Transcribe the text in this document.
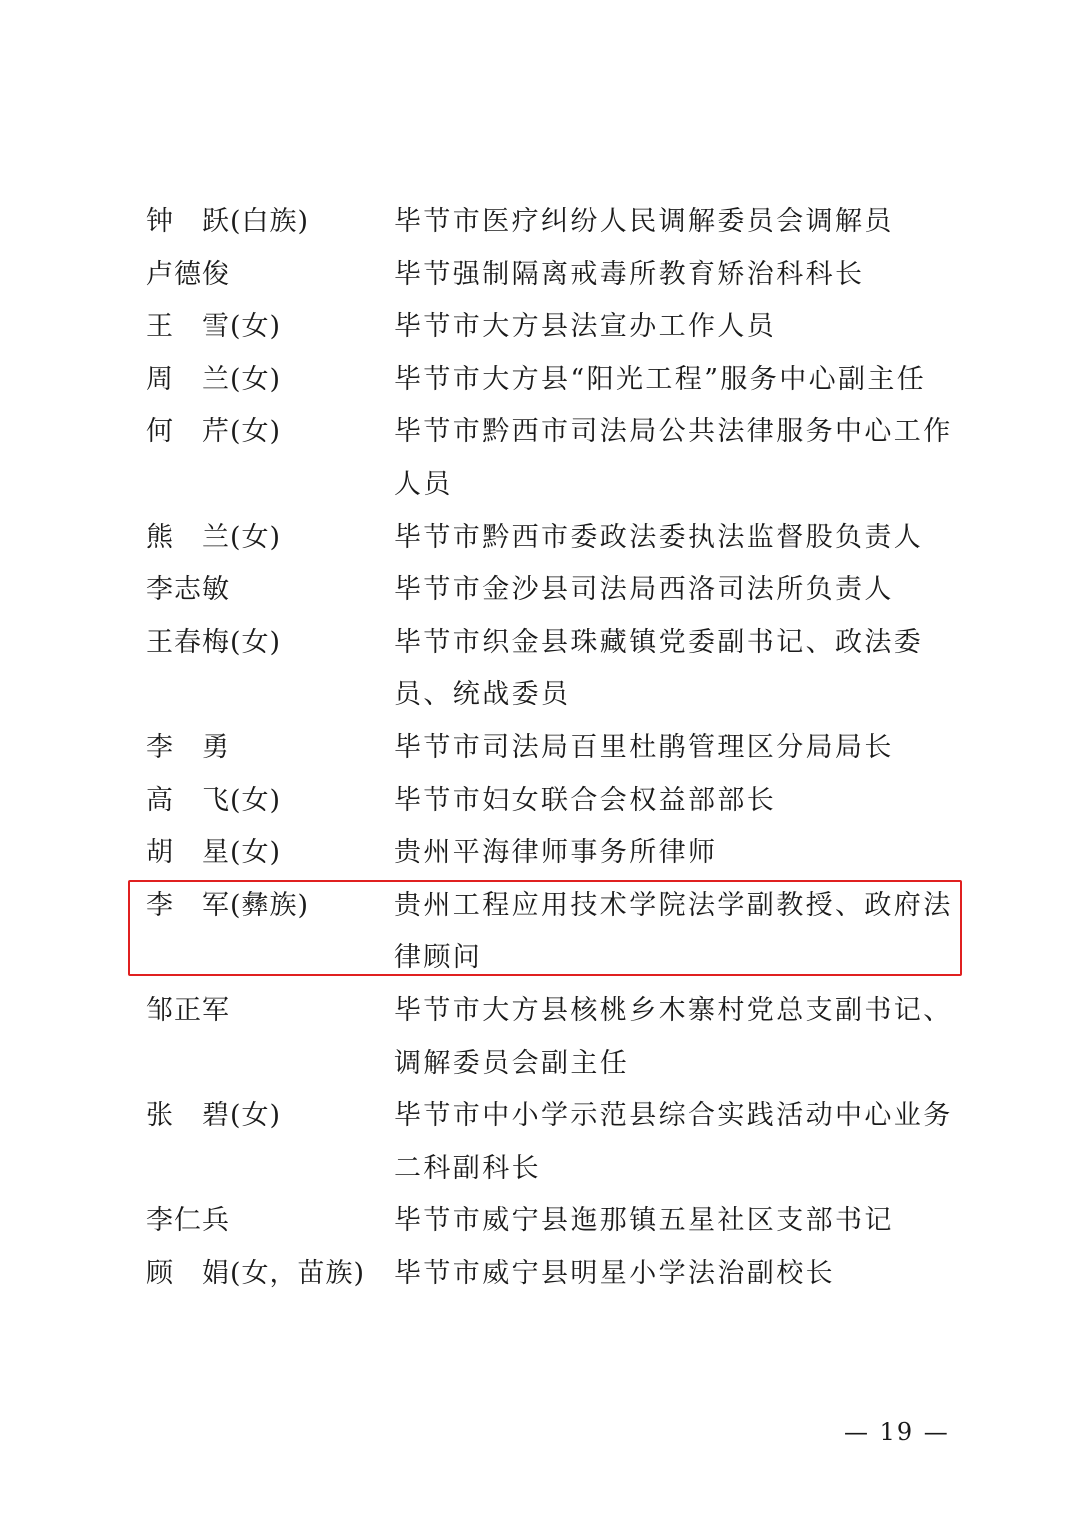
钟　跃(白族)	毕节市医疗纠纷人民调解委员会调解员
卢德俊	毕节强制隔离戒毒所教育矫治科科长
王　雪(女)	毕节市大方县法宣办工作人员
周　兰(女)	毕节市大方县“阳光工程”服务中心副主任
何　芹(女)	毕节市黔西市司法局公共法律服务中心工作人员
熊　兰(女)	毕节市黔西市委政法委执法监督股负责人
李志敏	毕节市金沙县司法局西洛司法所负责人
王春梅(女)	毕节市织金县珠藏镇党委副书记、政法委员、统战委员
李　勇	毕节市司法局百里杜鹃管理区分局局长
高　飞(女)	毕节市妇女联合会权益部部长
胡　星(女)	贵州平海律师事务所律师
李　军(彝族)	贵州工程应用技术学院法学副教授、政府法律顾问
邹正军	毕节市大方县核桃乡木寨村党总支副书记、调解委员会副主任
张　碧(女)	毕节市中小学示范县综合实践活动中心业务二科副科长
李仁兵	毕节市威宁县迤那镇五星社区支部书记
顾　娟(女，苗族)	毕节市威宁县明星小学法治副校长
— 19 —
